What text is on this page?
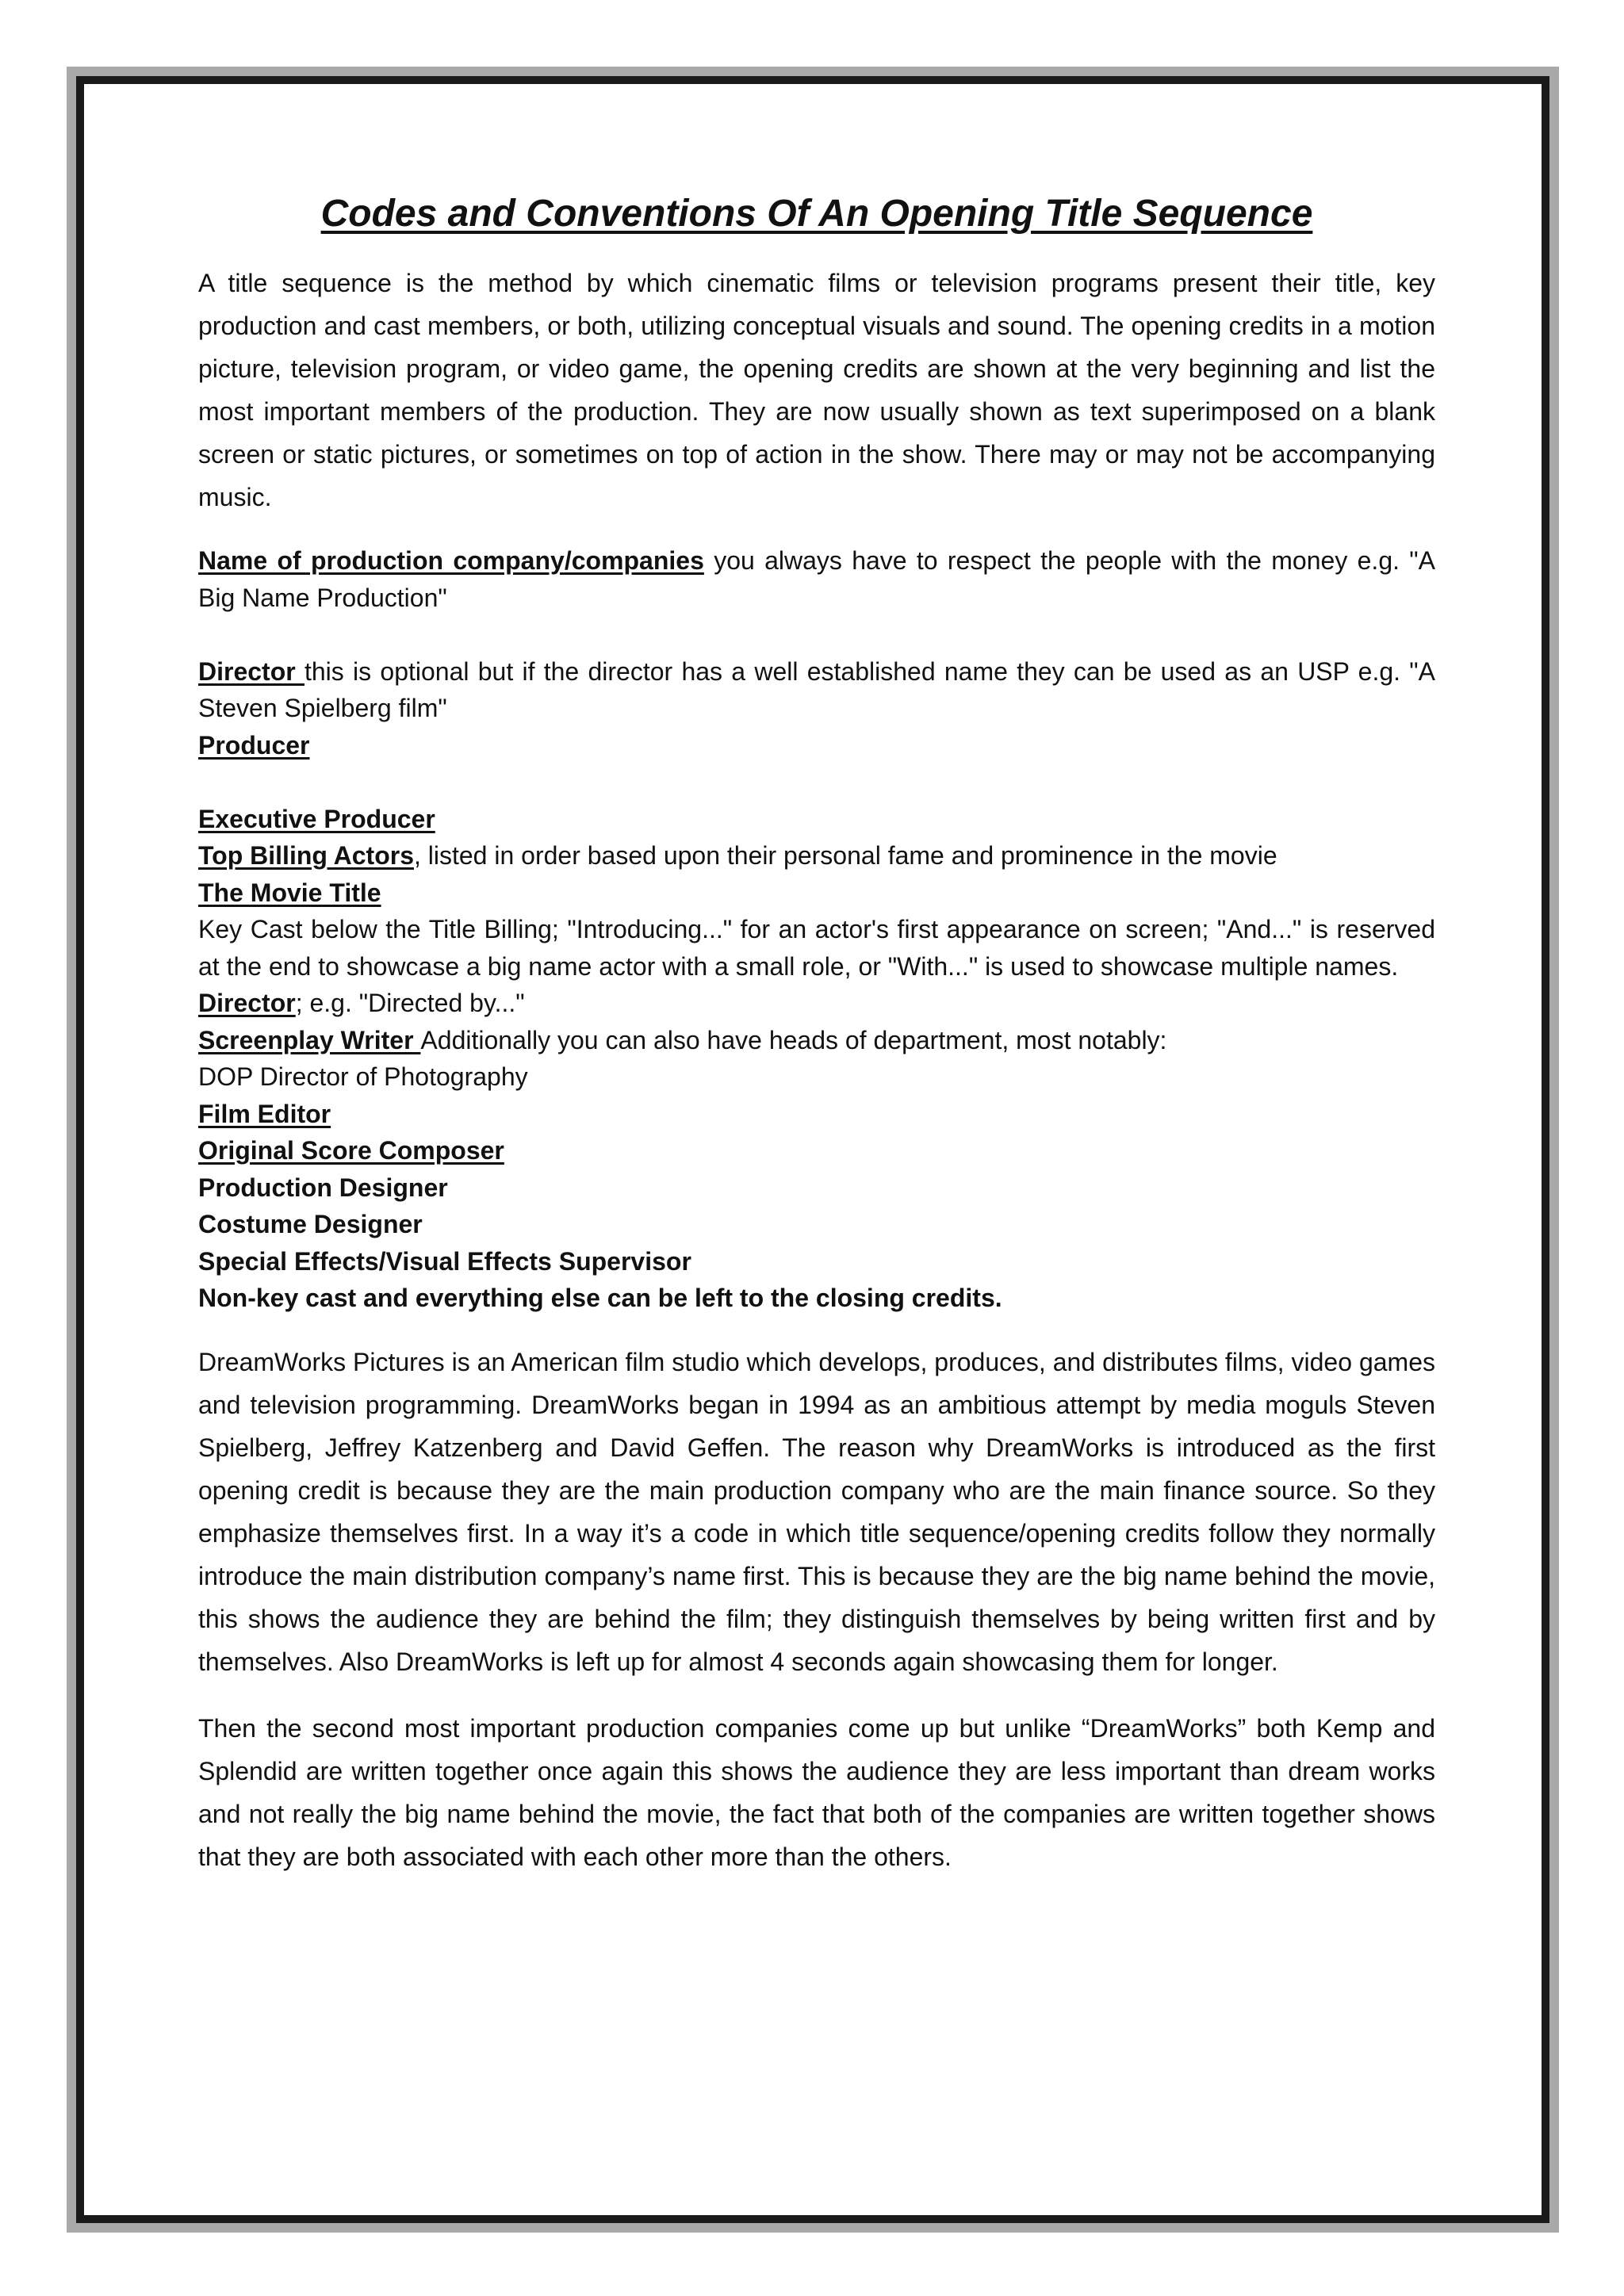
Codes and Conventions Of An Opening Title Sequence

A title sequence is the method by which cinematic films or television programs present their title, key production and cast members, or both, utilizing conceptual visuals and sound. The opening credits in a motion picture, television program, or video game, the opening credits are shown at the very beginning and list the most important members of the production. They are now usually shown as text superimposed on a blank screen or static pictures, or sometimes on top of action in the show. There may or may not be accompanying music.

Name of production company/companies you always have to respect the people with the money e.g. "A Big Name Production"
Director this is optional but if the director has a well established name they can be used as an USP e.g. "A Steven Spielberg film"
Producer
Executive Producer
Top Billing Actors, listed in order based upon their personal fame and prominence in the movie
The Movie Title
Key Cast below the Title Billing; "Introducing..." for an actor's first appearance on screen; "And..." is reserved at the end to showcase a big name actor with a small role, or "With..." is used to showcase multiple names.
Director; e.g. "Directed by..."
Screenplay Writer Additionally you can also have heads of department, most notably:
DOP Director of Photography
Film Editor
Original Score Composer
Production Designer
Costume Designer
Special Effects/Visual Effects Supervisor
Non-key cast and everything else can be left to the closing credits.

DreamWorks Pictures is an American film studio which develops, produces, and distributes films, video games and television programming. DreamWorks began in 1994 as an ambitious attempt by media moguls Steven Spielberg, Jeffrey Katzenberg and David Geffen. The reason why DreamWorks is introduced as the first opening credit is because they are the main production company who are the main finance source. So they emphasize themselves first. In a way it’s a code in which title sequence/opening credits follow they normally introduce the main distribution company’s name first. This is because they are the big name behind the movie, this shows the audience they are behind the film; they distinguish themselves by being written first and by themselves. Also DreamWorks is left up for almost 4 seconds again showcasing them for longer.

Then the second most important production companies come up but unlike “DreamWorks” both Kemp and Splendid are written together once again this shows the audience they are less important than dream works and not really the big name behind the movie, the fact that both of the companies are written together shows that they are both associated with each other more than the others.
